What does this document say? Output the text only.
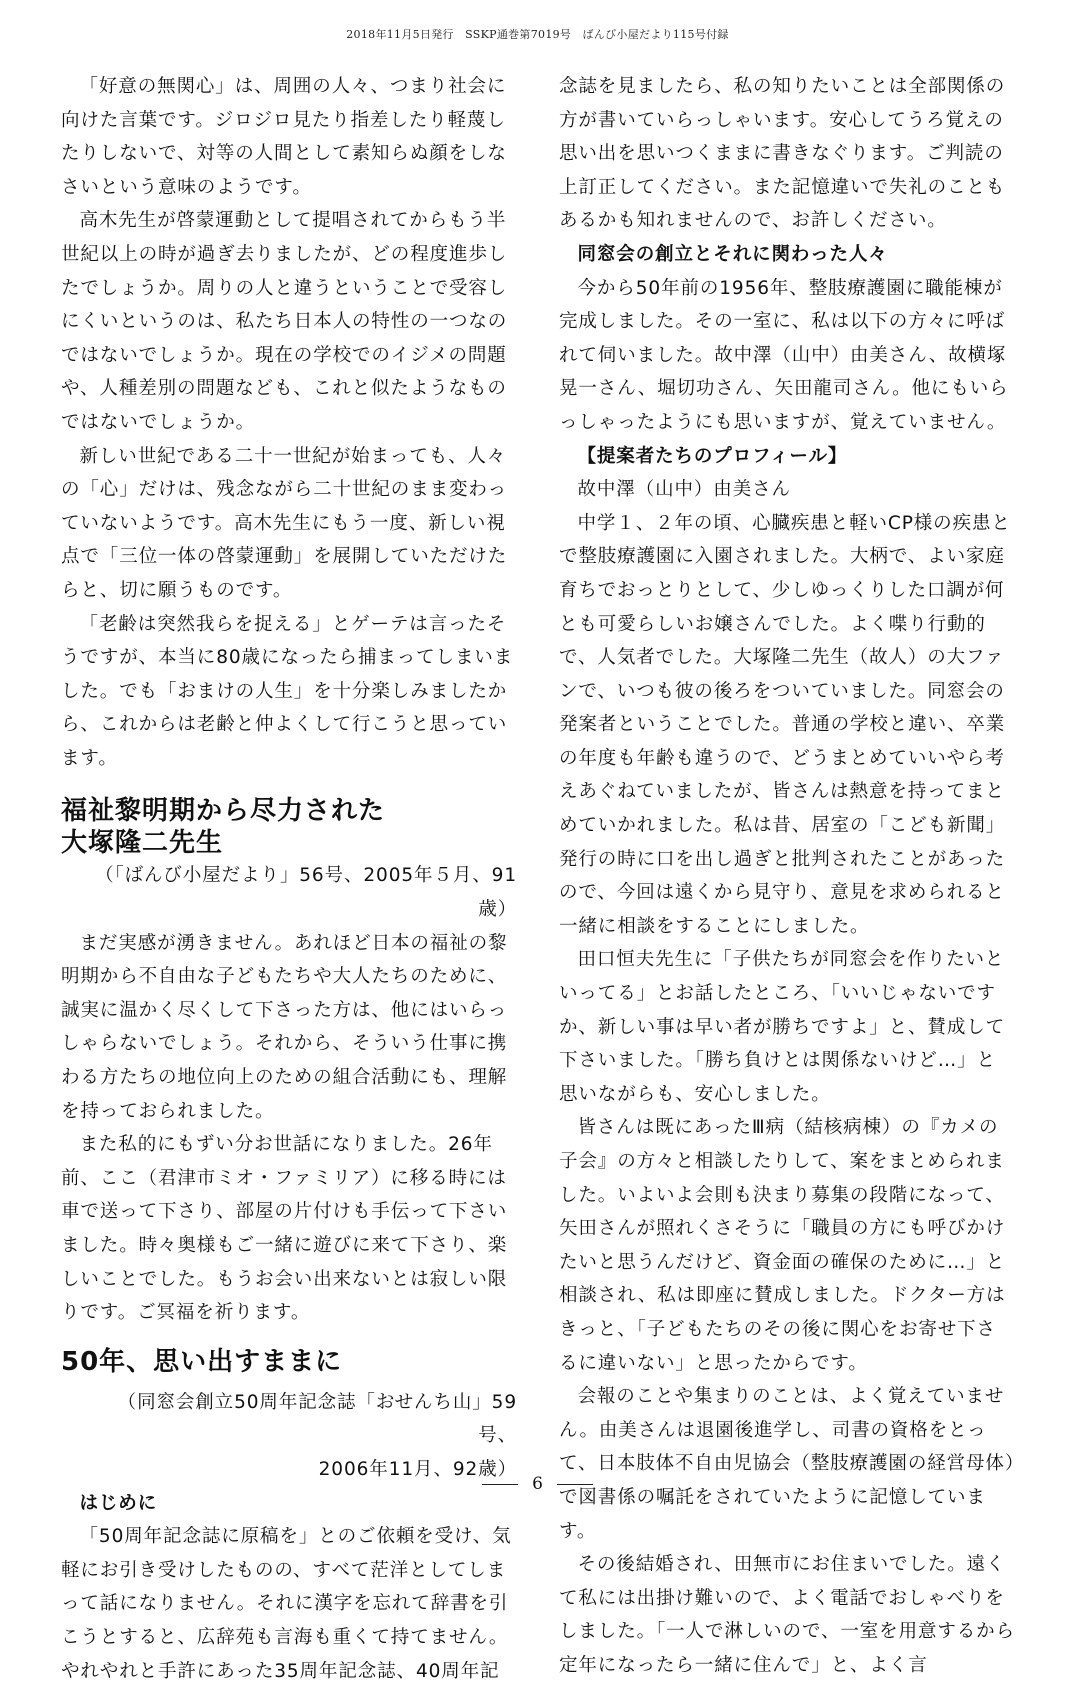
2018年11月5日発行　SSKP通巻第7019号　ばんび小屋だより115号付録

「好意の無関心」は、周囲の人々、つまり社会に向けた言葉です。ジロジロ見たり指差したり軽蔑したりしないで、対等の人間として素知らぬ顔をしなさいという意味のようです。

高木先生が啓蒙運動として提唱されてからもう半世紀以上の時が過ぎ去りましたが、どの程度進歩したでしょうか。周りの人と違うということで受容しにくいというのは、私たち日本人の特性の一つなのではないでしょうか。現在の学校でのイジメの問題や、人種差別の問題なども、これと似たようなものではないでしょうか。

新しい世紀である二十一世紀が始まっても、人々の「心」だけは、残念ながら二十世紀のまま変わっていないようです。高木先生にもう一度、新しい視点で「三位一体の啓蒙運動」を展開していただけたらと、切に願うものです。

「老齢は突然我らを捉える」とゲーテは言ったそうですが、本当に80歳になったら捕まってしまいました。でも「おまけの人生」を十分楽しみましたから、これからは老齢と仲よくして行こうと思っています。

福祉黎明期から尽力された
大塚隆二先生

（「ばんび小屋だより」56号、2005年５月、91歳）

まだ実感が湧きません。あれほど日本の福祉の黎明期から不自由な子どもたちや大人たちのために、誠実に温かく尽くして下さった方は、他にはいらっしゃらないでしょう。それから、そういう仕事に携わる方たちの地位向上のための組合活動にも、理解を持っておられました。

また私的にもずい分お世話になりました。26年前、ここ（君津市ミオ・ファミリア）に移る時には車で送って下さり、部屋の片付けも手伝って下さいました。時々奥様もご一緒に遊びに来て下さり、楽しいことでした。もうお会い出来ないとは寂しい限りです。ご冥福を祈ります。

50年、思い出すままに

（同窓会創立50周年記念誌「おせんち山」59号、

2006年11月、92歳）

はじめに

「50周年記念誌に原稿を」とのご依頼を受け、気軽にお引き受けしたものの、すべて茫洋としてしまって話になりません。それに漢字を忘れて辞書を引こうとすると、広辞苑も言海も重くて持てません。やれやれと手許にあった35周年記念誌、40周年記

念誌を見ましたら、私の知りたいことは全部関係の方が書いていらっしゃいます。安心してうろ覚えの思い出を思いつくままに書きなぐります。ご判読の上訂正してください。また記憶違いで失礼のこともあるかも知れませんので、お許しください。

同窓会の創立とそれに関わった人々

今から50年前の1956年、整肢療護園に職能棟が完成しました。その一室に、私は以下の方々に呼ばれて伺いました。故中澤（山中）由美さん、故横塚晃一さん、堀切功さん、矢田龍司さん。他にもいらっしゃったようにも思いますが、覚えていません。

【提案者たちのプロフィール】

故中澤（山中）由美さん

中学１、２年の頃、心臓疾患と軽いCP様の疾患とで整肢療護園に入園されました。大柄で、よい家庭育ちでおっとりとして、少しゆっくりした口調が何とも可愛らしいお嬢さんでした。よく喋り行動的で、人気者でした。大塚隆二先生（故人）の大ファンで、いつも彼の後ろをついていました。同窓会の発案者ということでした。普通の学校と違い、卒業の年度も年齢も違うので、どうまとめていいやら考えあぐねていましたが、皆さんは熱意を持ってまとめていかれました。私は昔、居室の「こども新聞」発行の時に口を出し過ぎと批判されたことがあったので、今回は遠くから見守り、意見を求められると一緒に相談をすることにしました。

田口恒夫先生に「子供たちが同窓会を作りたいといってる」とお話したところ、「いいじゃないですか、新しい事は早い者が勝ちですよ」と、賛成して下さいました。「勝ち負けとは関係ないけど…」と思いながらも、安心しました。

皆さんは既にあったⅢ病（結核病棟）の『カメの子会』の方々と相談したりして、案をまとめられました。いよいよ会則も決まり募集の段階になって、矢田さんが照れくさそうに「職員の方にも呼びかけたいと思うんだけど、資金面の確保のために…」と相談され、私は即座に賛成しました。ドクター方はきっと、「子どもたちのその後に関心をお寄せ下さるに違いない」と思ったからです。

会報のことや集まりのことは、よく覚えていません。由美さんは退園後進学し、司書の資格をとって、日本肢体不自由児協会（整肢療護園の経営母体）で図書係の嘱託をされていたように記憶しています。

その後結婚され、田無市にお住まいでした。遠くて私には出掛け難いので、よく電話でおしゃべりをしました。「一人で淋しいので、一室を用意するから定年になったら一緒に住んで」と、よく言

6
